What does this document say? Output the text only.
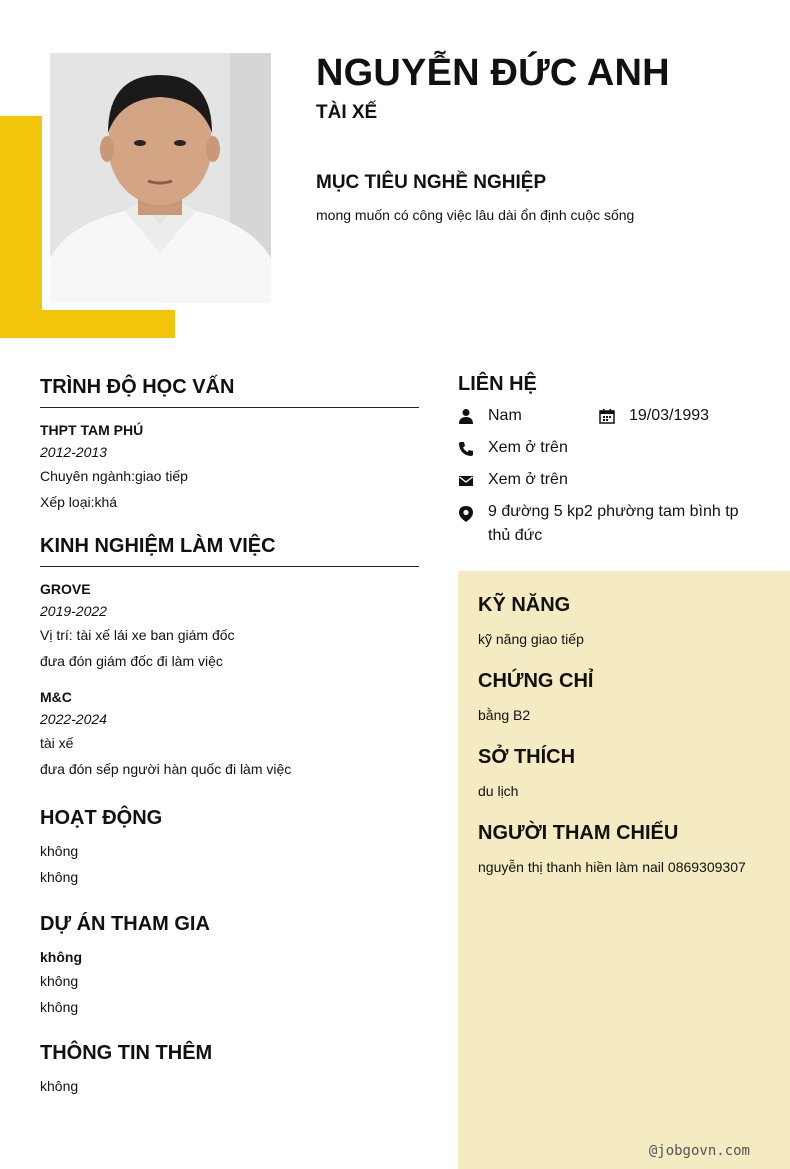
NGUYỄN ĐỨC ANH
TÀI XẾ
MỤC TIÊU NGHỀ NGHIỆP
mong muốn có công việc lâu dài ổn định cuộc sống
TRÌNH ĐỘ HỌC VẤN
THPT TAM PHÚ
2012-2013
Chuyên ngành:giao tiếp
Xếp loại:khá
KINH NGHIỆM LÀM VIỆC
GROVE
2019-2022
Vị trí: tài xế lái xe ban giám đốc
đưa đón giám đốc đi làm việc
M&C
2022-2024
tài xế
đưa đón sếp người hàn quốc đi làm việc
HOẠT ĐỘNG
không
không
DỰ ÁN THAM GIA
không
không
không
THÔNG TIN THÊM
không
LIÊN HỆ
Nam	19/03/1993
Xem ở trên
Xem ở trên
9 đường 5 kp2 phường tam bình tp thủ đức
KỸ NĂNG
kỹ năng giao tiếp
CHỨNG CHỈ
bằng B2
SỞ THÍCH
du lịch
NGƯỜI THAM CHIẾU
nguyễn thị thanh hiền làm nail 0869309307
@jobgovn.com
